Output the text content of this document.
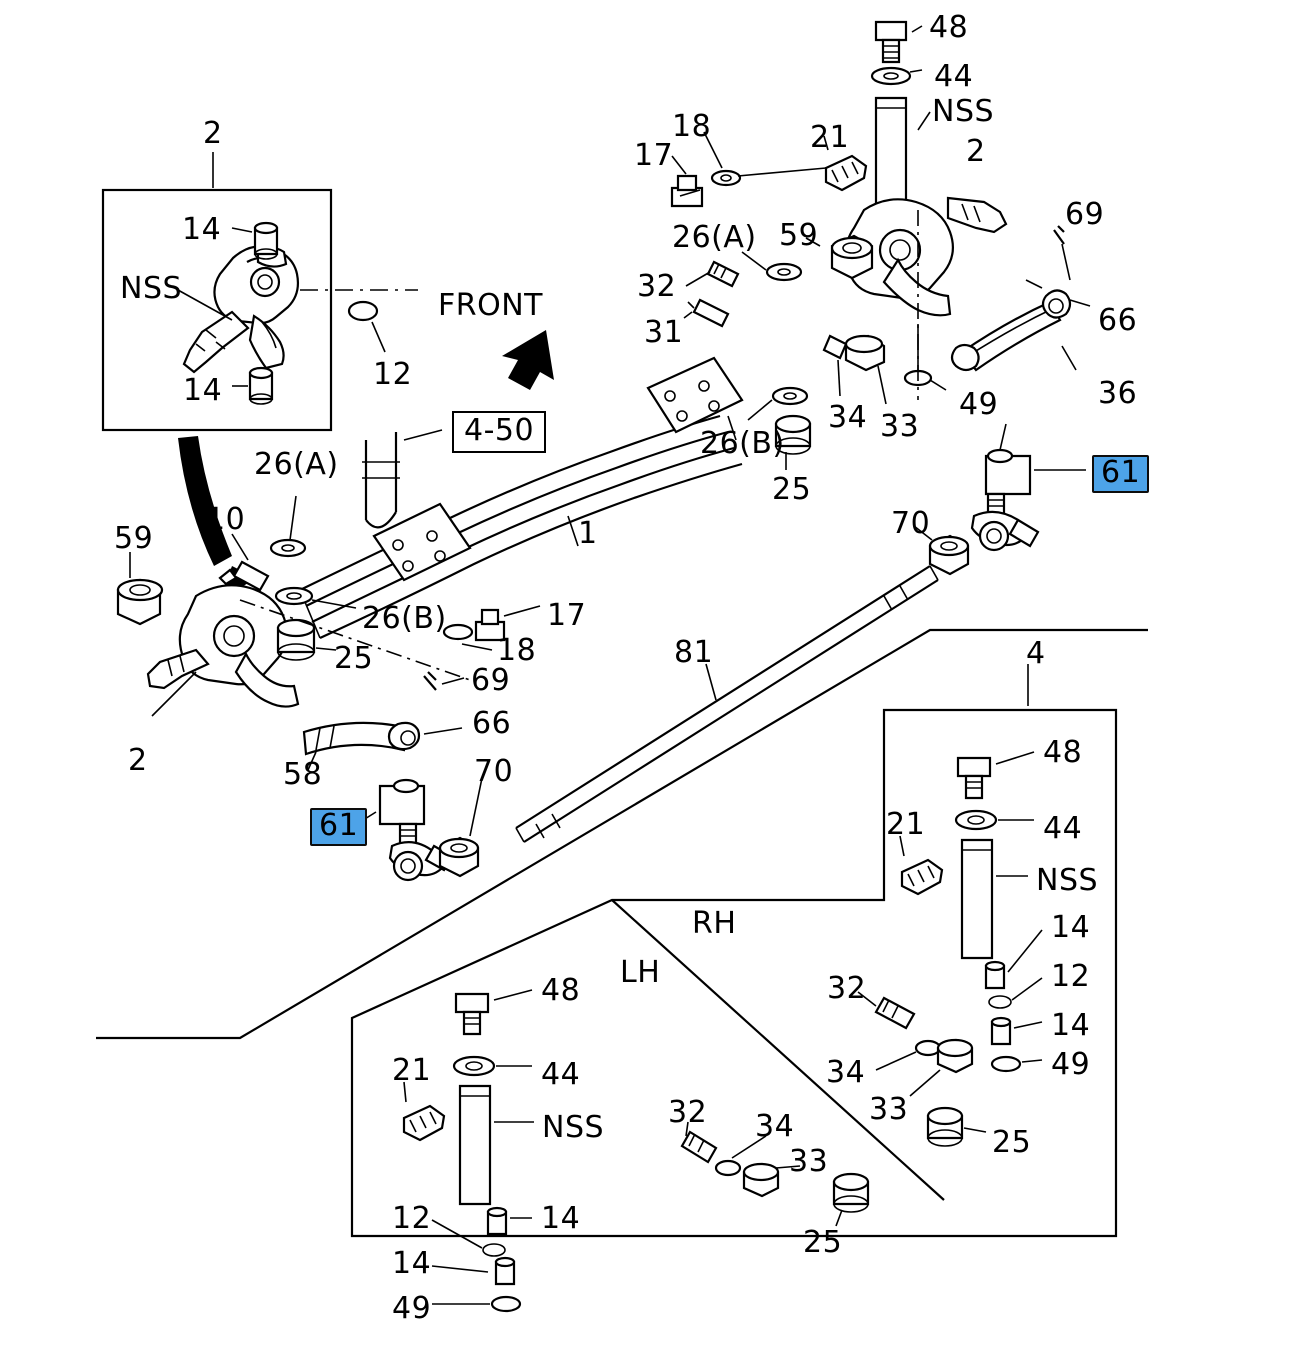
48
44
NSS
18	21	2
17
2
69
14	26(A) 59
32
NSS	FRONT	66
31
12
34 33
14	36
49
26(B)
4-50
26(A)
25
10	70
59	1
26(B)	17
18
25	81	4
69
2
66
48
58	70
21	44
NSS
RH	14
LH	12
32
48
14
49
34
21	44
33
32
NSS	34	25
33
12	14
25
14
49
61
61
